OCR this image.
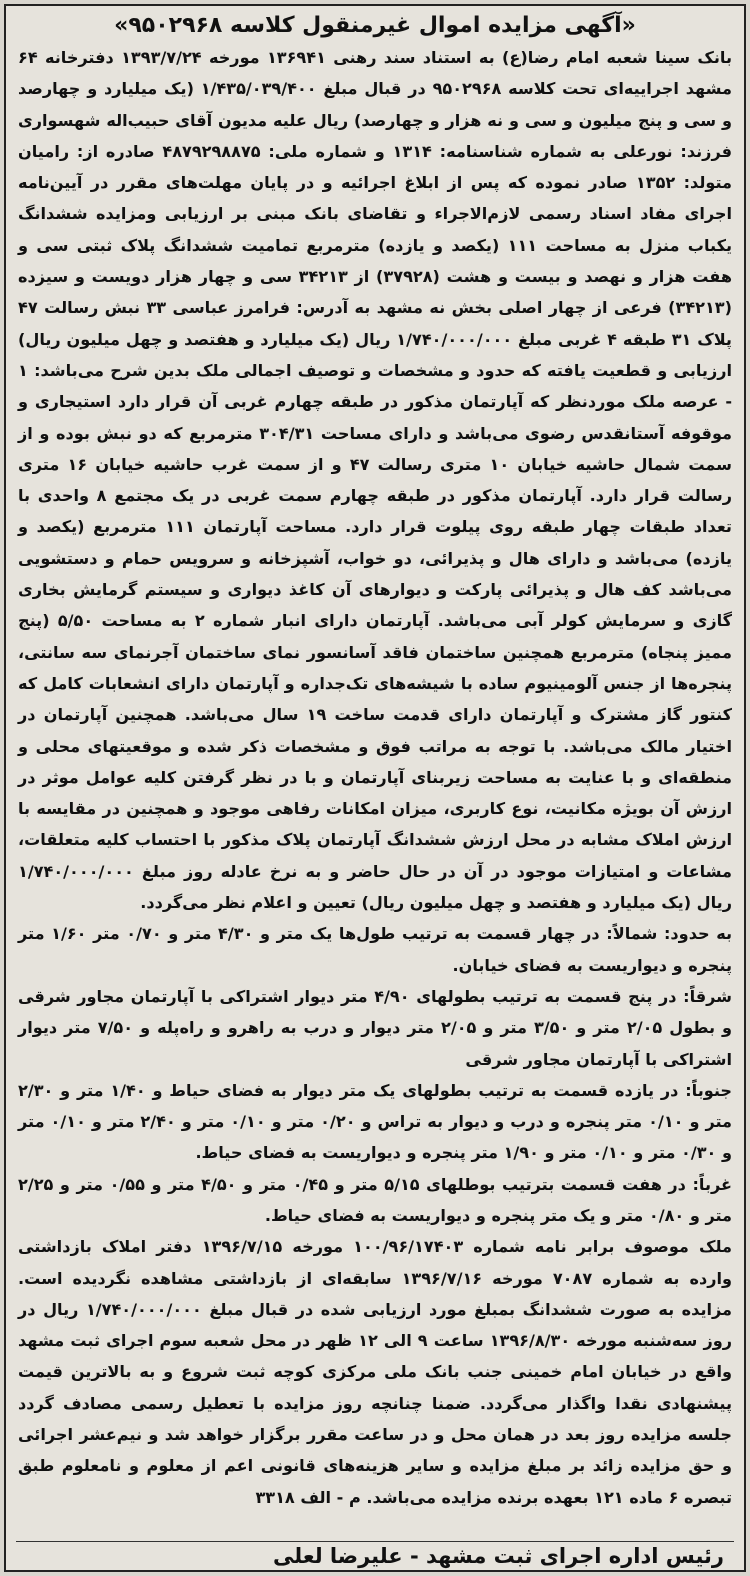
«آگهی مزایده اموال غیرمنقول کلاسه ۹۵۰۲۹۶۸»

بانک سینا شعبه امام رضا(ع) به استناد سند رهنی ۱۳۶۹۴۱ مورخه ۱۳۹۳/۷/۲۴ دفترخانه ۶۴ مشهد اجراییه‌ای تحت کلاسه ۹۵۰۲۹۶۸ در قبال مبلغ ۱/۴۳۵/۰۳۹/۴۰۰ (یک میلیارد و چهارصد و سی و پنج میلیون و سی و نه هزار و چهارصد) ریال علیه مدیون آقای حبیب‌اله شهسواری فرزند: نورعلی به شماره شناسنامه: ۱۳۱۴ و شماره ملی: ۴۸۷۹۲۹۸۸۷۵ صادره از: رامیان متولد: ۱۳۵۲ صادر نموده که پس از ابلاغ اجرائیه و در پایان مهلت‌های مقرر در آیین‌نامه اجرای مفاد اسناد رسمی لازم‌الاجراء و تقاضای بانک مبنی بر ارزیابی ومزایده ششدانگ یکباب منزل به مساحت ۱۱۱ (یکصد و یازده) مترمربع تمامیت ششدانگ پلاک ثبتی سی و هفت هزار و نهصد و بیست و هشت (۳۷۹۲۸) از ۳۴۲۱۳ سی و چهار هزار دویست و سیزده (۳۴۲۱۳) فرعی از چهار اصلی بخش نه مشهد به آدرس: فرامرز عباسی ۳۳ نبش رسالت ۴۷ پلاک ۳۱ طبقه ۴ غربی مبلغ ۱/۷۴۰/۰۰۰/۰۰۰ ریال (یک میلیارد و هفتصد و چهل میلیون ریال) ارزیابی و قطعیت یافته که حدود و مشخصات و توصیف اجمالی ملک بدین شرح می‌باشد: ۱ - عرصه ملک موردنظر که آپارتمان مذکور در طبقه چهارم غربی آن قرار دارد استیجاری و موقوفه آستانقدس رضوی می‌باشد و دارای مساحت ۳۰۴/۳۱ مترمربع که دو نبش بوده و از سمت شمال حاشیه خیابان ۱۰ متری رسالت ۴۷ و از سمت غرب حاشیه خیابان ۱۶ متری رسالت قرار دارد. آپارتمان مذکور در طبقه چهارم سمت غربی در یک مجتمع ۸ واحدی با تعداد طبقات چهار طبقه روی پیلوت قرار دارد. مساحت آپارتمان ۱۱۱ مترمربع (یکصد و یازده) می‌باشد و دارای هال و پذیرائی، دو خواب، آشپزخانه و سرویس حمام و دستشویی می‌باشد کف هال و پذیرائی پارکت و دیوارهای آن کاغذ دیواری و سیستم گرمایش بخاری گازی و سرمایش کولر آبی می‌باشد. آپارتمان دارای انبار شماره ۲ به مساحت ۵/۵۰ (پنج ممیز پنجاه) مترمربع همچنین ساختمان فاقد آسانسور نمای ساختمان آجرنمای سه سانتی، پنجره‌ها از جنس آلومینیوم ساده با شیشه‌های تک‌جداره و آپارتمان دارای انشعابات کامل که کنتور گاز مشترک و آپارتمان دارای قدمت ساخت ۱۹ سال می‌باشد. همچنین آپارتمان در اختیار مالک می‌باشد. با توجه به مراتب فوق و مشخصات ذکر شده و موقعیتهای محلی و منطقه‌ای و با عنایت به مساحت زیربنای آپارتمان و با در نظر گرفتن کلیه عوامل موثر در ارزش آن بویژه مکانیت، نوع کاربری، میزان امکانات رفاهی موجود و همچنین در مقایسه با ارزش املاک مشابه در محل ارزش ششدانگ آپارتمان پلاک مذکور با احتساب کلیه متعلقات، مشاعات و امتیازات موجود در آن در حال حاضر و به نرخ عادله روز مبلغ ۱/۷۴۰/۰۰۰/۰۰۰ ریال (یک میلیارد و هفتصد و چهل میلیون ریال) تعیین و اعلام نظر می‌گردد.

به حدود: شمالاً: در چهار قسمت به ترتیب طول‌ها یک متر و ۴/۳۰ متر و ۰/۷۰ متر ۱/۶۰ متر پنجره و دیواریست به فضای خیابان.

شرقاً: در پنج قسمت به ترتیب بطولهای ۴/۹۰ متر دیوار اشتراکی با آپارتمان مجاور شرقی و بطول ۲/۰۵ متر و ۳/۵۰ متر و ۲/۰۵ متر دیوار و درب به راهرو و راه‌پله و ۷/۵۰ متر دیوار اشتراکی با آپارتمان مجاور شرقی

جنوباً: در یازده قسمت به ترتیب بطولهای یک متر دیوار به فضای حیاط و ۱/۴۰ متر و ۲/۳۰ متر و ۰/۱۰ متر پنجره و درب و دیوار به تراس و ۰/۲۰ متر و ۰/۱۰ متر و ۲/۴۰ متر و ۰/۱۰ متر و ۰/۳۰ متر و ۰/۱۰ متر و ۱/۹۰ متر پنجره و دیواریست به فضای حیاط.

غرباً: در هفت قسمت بترتیب بوطلهای ۵/۱۵ متر و ۰/۴۵ متر و ۴/۵۰ متر و ۰/۵۵ متر و ۲/۲۵ متر و ۰/۸۰ متر و یک متر پنجره و دیواریست به فضای حیاط.

ملک موصوف برابر نامه شماره ۱۰۰/۹۶/۱۷۴۰۳ مورخه ۱۳۹۶/۷/۱۵ دفتر املاک بازداشتی وارده به شماره ۷۰۸۷ مورخه ۱۳۹۶/۷/۱۶ سابقه‌ای از بازداشتی مشاهده نگردیده است. مزایده به صورت ششدانگ بمبلغ مورد ارزیابی شده در قبال مبلغ ۱/۷۴۰/۰۰۰/۰۰۰ ریال در روز سه‌شنبه مورخه ۱۳۹۶/۸/۳۰ ساعت ۹ الی ۱۲ ظهر در محل شعبه سوم اجرای ثبت مشهد واقع در خیابان امام خمینی جنب بانک ملی مرکزی کوچه ثبت شروع و به بالاترین قیمت پیشنهادی نقدا واگذار می‌گردد. ضمنا چنانچه روز مزایده با تعطیل رسمی مصادف گردد جلسه مزایده روز بعد در همان محل و در ساعت مقرر برگزار خواهد شد و نیم‌عشر اجرائی و حق مزایده زائد بر مبلغ مزایده و سایر هزینه‌های قانونی اعم از معلوم و نامعلوم طبق تبصره ۶ ماده ۱۲۱ بعهده برنده مزایده می‌باشد. م - الف ۳۳۱۸

رئیس اداره اجرای ثبت مشهد - علیرضا لعلی
